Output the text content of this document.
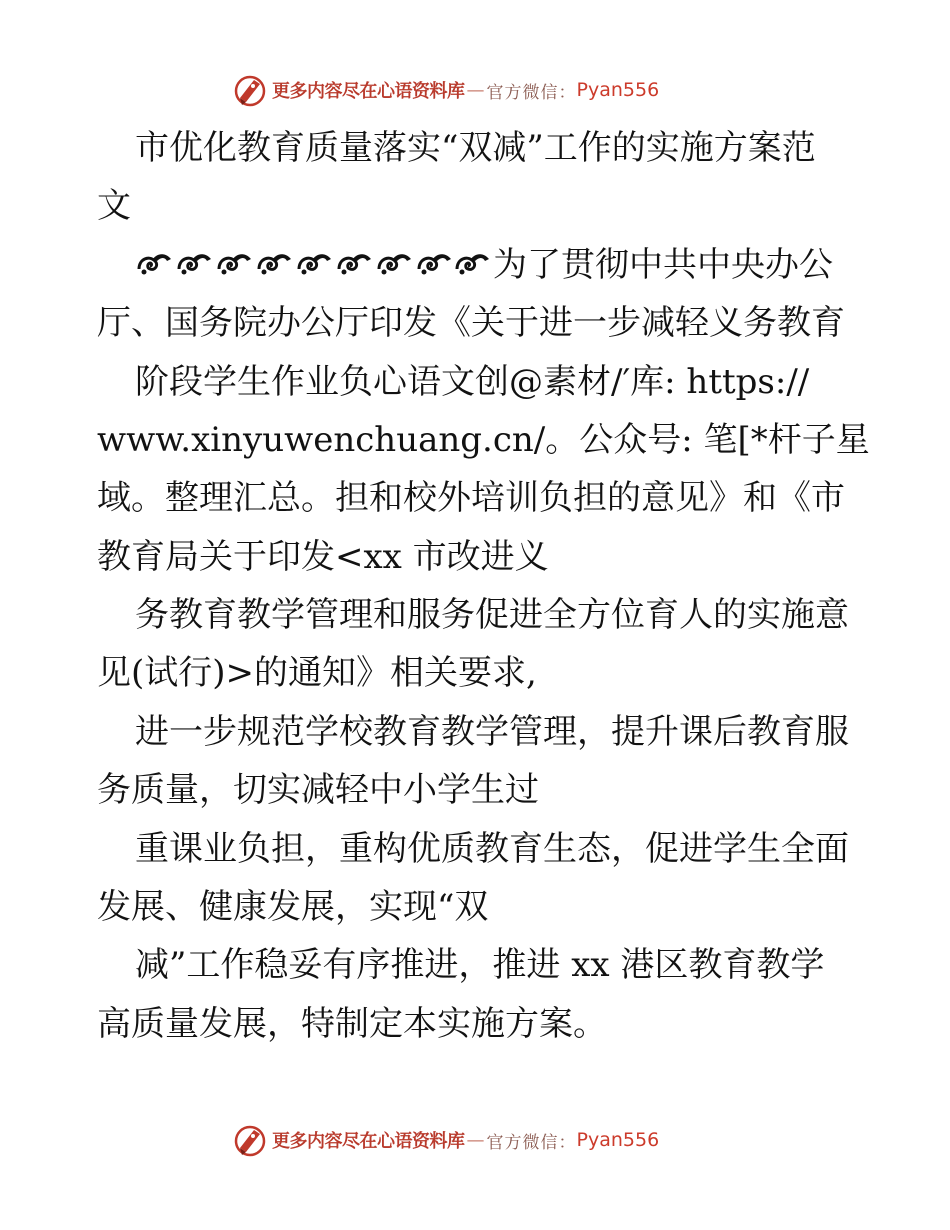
更多内容尽在心语资料库 — 官方微信： Pyan556
市优化教育质量落实“双减”工作的实施方案范
文
为了贯彻中共中央办公
厅、国务院办公厅印发《关于进一步减轻义务教育
阶段学生作业负心语文创@素材/′库: https://
www.xinyuwenchuang.cn/。公众号: 笔[*杆子星
域。整理汇总。担和校外培训负担的意见》和《市
教育局关于印发<xx 市改进义
务教育教学管理和服务促进全方位育人的实施意
见(试行)>的通知》相关要求,
进一步规范学校教育教学管理，提升课后教育服
务质量，切实减轻中小学生过
重课业负担，重构优质教育生态，促进学生全面
发展、健康发展，实现“双
减”工作稳妥有序推进，推进 xx 港区教育教学
高质量发展，特制定本实施方案。
更多内容尽在心语资料库 — 官方微信： Pyan556
